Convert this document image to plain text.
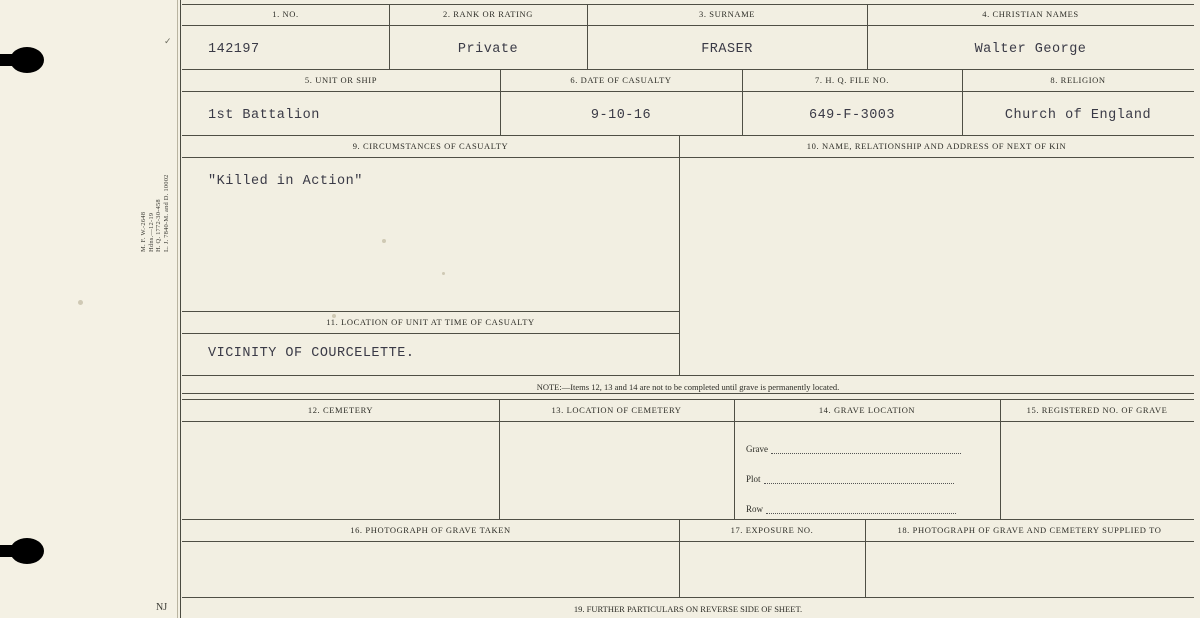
M. F. W.-2648 Hdns.—12-19 H. Q. 1772-30-458 L. J. 7840-M. and D. 10002
NJ
✓
1. NO.	2. RANK OR RATING	3. SURNAME	4. CHRISTIAN NAMES
142197	Private	FRASER	Walter George
5. UNIT OR SHIP	6. DATE OF CASUALTY	7. H. Q. FILE NO.	8. RELIGION
1st Battalion	9-10-16	649-F-3003	Church of England
9. CIRCUMSTANCES OF CASUALTY	10. NAME, RELATIONSHIP AND ADDRESS OF NEXT OF KIN
"Killed in Action"
11. LOCATION OF UNIT AT TIME OF CASUALTY
VICINITY OF COURCELETTE.
NOTE:—Items 12, 13 and 14 are not to be completed until grave is permanently located.
12. CEMETERY	13. LOCATION OF CEMETERY	14. GRAVE LOCATION	15. REGISTERED NO. OF GRAVE
Grave
Plot
Row
16. PHOTOGRAPH OF GRAVE TAKEN	17. EXPOSURE NO.	18. PHOTOGRAPH OF GRAVE AND CEMETERY SUPPLIED TO
19. FURTHER PARTICULARS ON REVERSE SIDE OF SHEET.
